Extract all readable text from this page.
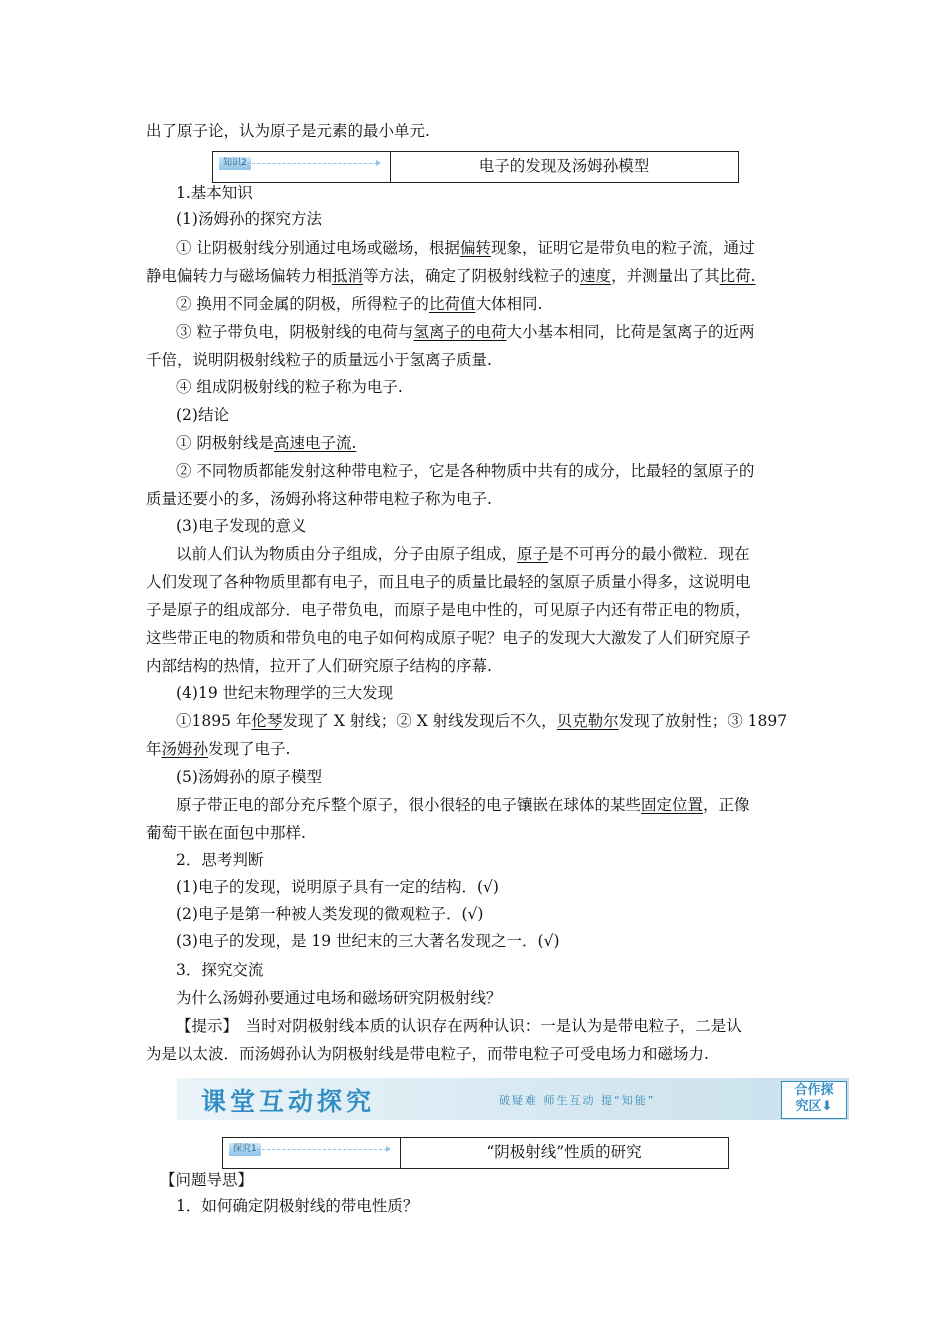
出了原子论，认为原子是元素的最小单元.
知识2	电子的发现及汤姆孙模型
1.基本知识
(1)汤姆孙的探究方法
① 让阴极射线分别通过电场或磁场，根据偏转现象，证明它是带负电的粒子流，通过
静电偏转力与磁场偏转力相抵消等方法，确定了阴极射线粒子的速度，并测量出了其比荷.
② 换用不同金属的阴极，所得粒子的比荷值大体相同.
③ 粒子带负电，阴极射线的电荷与氢离子的电荷大小基本相同，比荷是氢离子的近两
千倍，说明阴极射线粒子的质量远小于氢离子质量.
④ 组成阴极射线的粒子称为电子.
(2)结论
① 阴极射线是高速电子流.
② 不同物质都能发射这种带电粒子，它是各种物质中共有的成分，比最轻的氢原子的
质量还要小的多，汤姆孙将这种带电粒子称为电子.
(3)电子发现的意义
以前人们认为物质由分子组成，分子由原子组成，原子是不可再分的最小微粒．现在
人们发现了各种物质里都有电子，而且电子的质量比最轻的氢原子质量小得多，这说明电
子是原子的组成部分．电子带负电，而原子是电中性的，可见原子内还有带正电的物质，
这些带正电的物质和带负电的电子如何构成原子呢？电子的发现大大激发了人们研究原子
内部结构的热情，拉开了人们研究原子结构的序幕.
(4)19 世纪末物理学的三大发现
①1895 年伦琴发现了 X 射线；② X 射线发现后不久，贝克勒尔发现了放射性；③ 1897
年汤姆孙发现了电子.
(5)汤姆孙的原子模型
原子带正电的部分充斥整个原子，很小很轻的电子镶嵌在球体的某些固定位置，正像
葡萄干嵌在面包中那样.
2．思考判断
(1)电子的发现，说明原子具有一定的结构．(√)
(2)电子是第一种被人类发现的微观粒子．(√)
(3)电子的发现，是 19 世纪末的三大著名发现之一．(√)
3．探究交流
为什么汤姆孙要通过电场和磁场研究阴极射线？
【提示】　当时对阴极射线本质的认识存在两种认识：一是认为是带电粒子，二是认
为是以太波．而汤姆孙认为阴极射线是带电粒子，而带电粒子可受电场力和磁场力.
课堂互动探究	破疑难 师生互动 提“知能”
合作探
究区⬇
探究1	“阴极射线”性质的研究
【问题导思】
1．如何确定阴极射线的带电性质？
